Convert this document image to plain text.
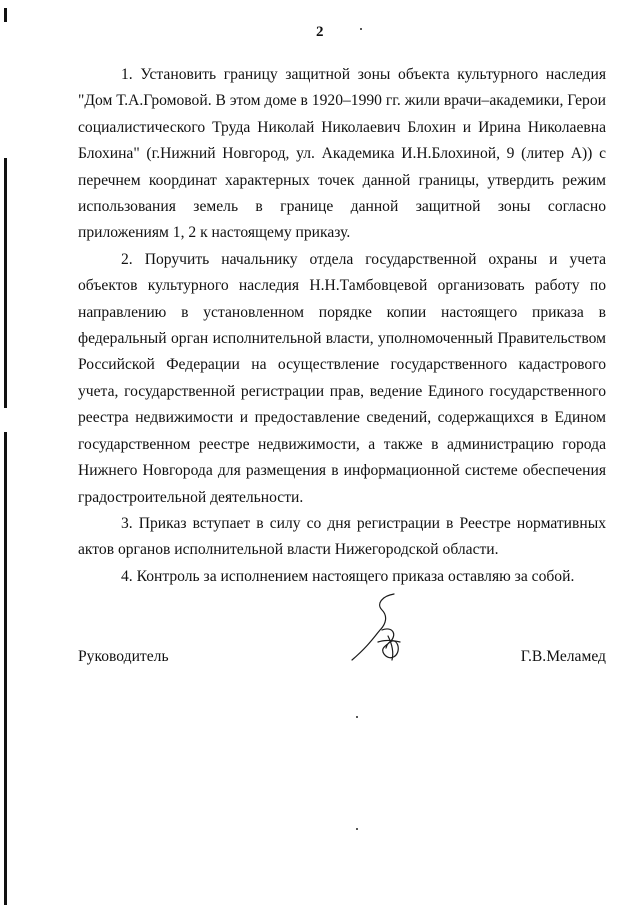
2

1. Установить границу защитной зоны объекта культурного наследия "Дом Т.А.Громовой. В этом доме в 1920–1990 гг. жили врачи–академики, Герои социалистического Труда Николай Николаевич Блохин и Ирина Николаевна Блохина" (г.Нижний Новгород, ул. Академика И.Н.Блохиной, 9 (литер А)) с перечнем координат характерных точек данной границы, утвердить режим использования земель в границе данной защитной зоны согласно приложениям 1, 2 к настоящему приказу.

2. Поручить начальнику отдела государственной охраны и учета объектов культурного наследия Н.Н.Тамбовцевой организовать работу по направлению в установленном порядке копии настоящего приказа в федеральный орган исполнительной власти, уполномоченный Правительством Российской Федерации на осуществление государственного кадастрового учета, государственной регистрации прав, ведение Единого государственного реестра недвижимости и предоставление сведений, содержащихся в Едином государственном реестре недвижимости, а также в администрацию города Нижнего Новгорода для размещения в информационной системе обеспечения градостроительной деятельности.

3. Приказ вступает в силу со дня регистрации в Реестре нормативных актов органов исполнительной власти Нижегородской области.

4. Контроль за исполнением настоящего приказа оставляю за собой.

Руководитель	Г.В.Меламед
